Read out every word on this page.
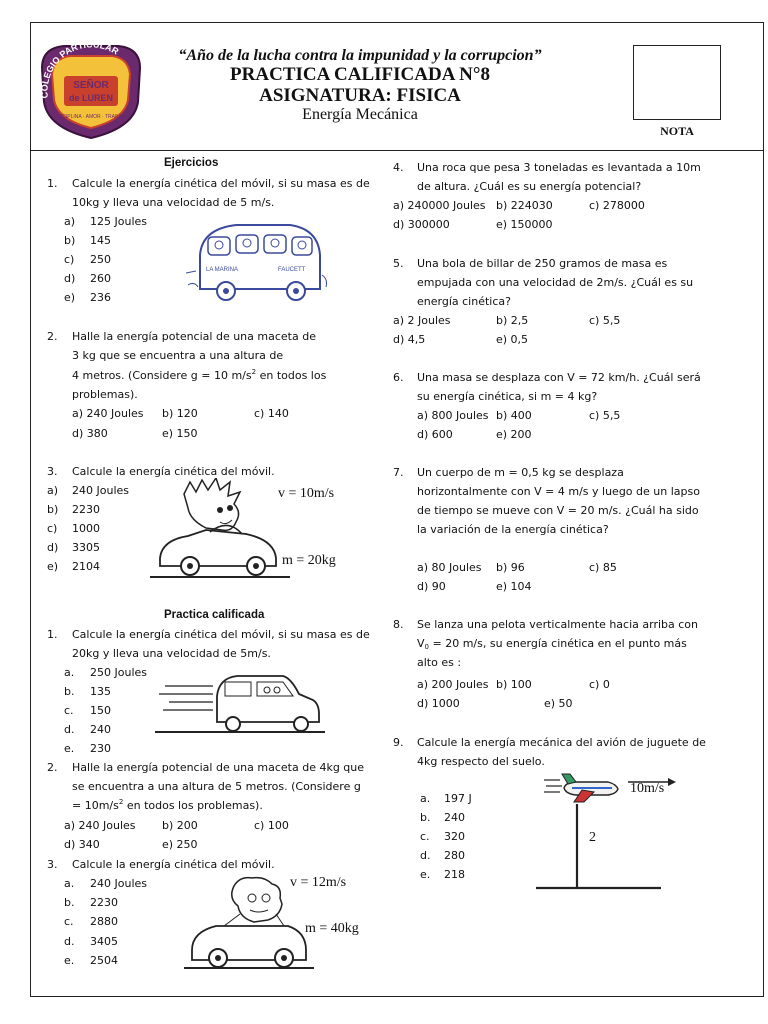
COLEGIO PARTICULAR
SEÑOR
de LUREN
DISCIPLINA · AMOR · TRABAJO
“Año de la lucha contra la impunidad y la corrupcion”
PRACTICA CALIFICADA N°8
ASIGNATURA: FISICA
Energía Mecánica
NOTA
Ejercicios
1. Calcule la energía cinética del móvil, si su masa es de
10kg y lleva una velocidad de 5 m/s.
a) 125 Joules
b) 145
c) 250
d) 260
e) 236
LA MARINA	FAUCETT
2. Halle la energía potencial de una maceta de
3 kg que se encuentra a una altura de
4 metros. (Considere g = 10 $m/s^2$ en todos los
problemas).
a) 240 Joules b) 120	c) 140
d) 380	e) 150
3. Calcule la energía cinética del móvil.
a) 240 Joules
b) 2230
c) 1000
d) 3305
e) 2104
v = 10m/s
m = 20kg
Practica calificada
1. Calcule la energía cinética del móvil, si su masa es de
20kg y lleva una velocidad de 5m/s.
a. 250 Joules
b. 135
c. 150
d. 240
e. 230
2. Halle la energía potencial de una maceta de 4kg que
se encuentra a una altura de 5 metros. (Considere g
= $10m/s^2$ en todos los problemas).
a) 240 Joules b) 200	c) 100
d) 340	e) 250
3. Calcule la energía cinética del móvil.
a. 240 Joules
b. 2230
c. 2880
d. 3405
e. 2504
v = 12m/s
m = 40kg
4. Una roca que pesa 3 toneladas es levantada a 10m
de altura. ¿Cuál es su energía potencial?
a) 240000 Joules b) 224030	c) 278000
d) 300000	e) 150000
5. Una bola de billar de 250 gramos de masa es
empujada con una velocidad de 2m/s. ¿Cuál es su
energía cinética?
a) 2 Joules	b) 2,5	c) 5,5
d) 4,5	e) 0,5
6. Una masa se desplaza con V = 72 km/h. ¿Cuál será
su energía cinética, si m = 4 kg?
a) 800 Joules b) 400	c) 5,5
d) 600	e) 200
7. Un cuerpo de m = 0,5 kg se desplaza
horizontalmente con V = 4 m/s y luego de un lapso
de tiempo se mueve con V = 20 m/s. ¿Cuál ha sido
la variación de la energía cinética?
a) 80 Joules b) 96	c) 85
d) 90	e) 104
8. Se lanza una pelota verticalmente hacia arriba con
$V_0 = 20$ m/s, su energía cinética en el punto más
alto es :
a) 200 Joules b) 100	c) 0
d) 1000	e) 50
9. Calcule la energía mecánica del avión de juguete de
4kg respecto del suelo.
a. 197 J
b. 240
c. 320
d. 280
e. 218
10m/s
2
